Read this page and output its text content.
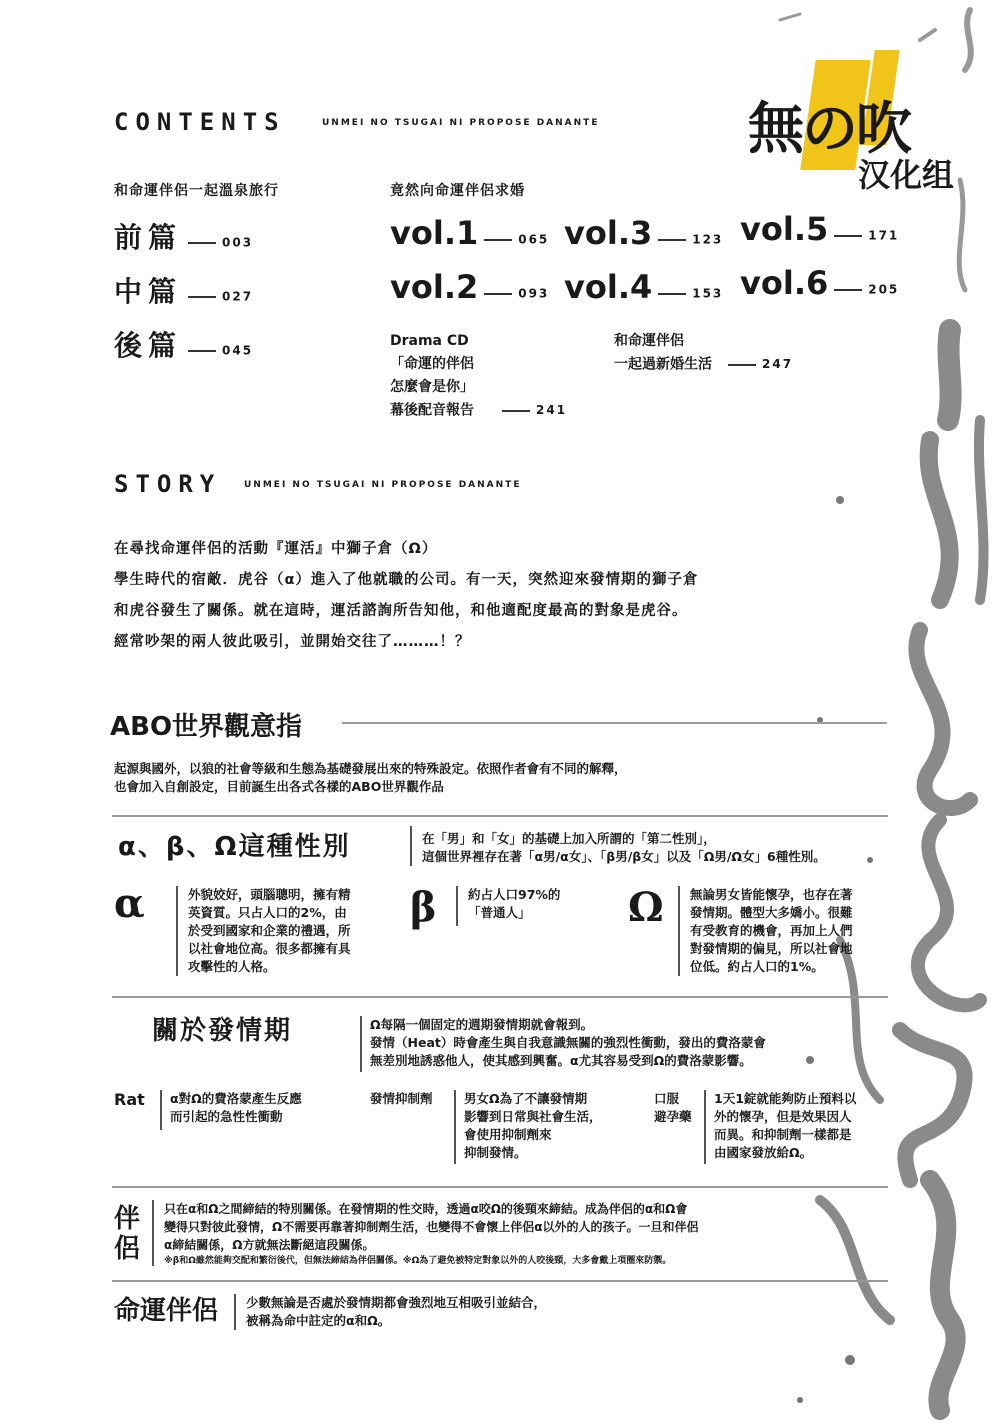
無の吹
汉化组
CONTENTS	UNMEI NO TSUGAI NI PROPOSE DANANTE
和命運伴侶一起溫泉旅行	竟然向命運伴侶求婚
前篇	003
中篇	027
後篇	045
vol.1	065 vol.3	123 vol.5	171
vol.2	093 vol.4	153 vol.6	205
Drama CD
「命運的伴侶
怎麼會是你」
幕後配音報告	241
和命運伴侶
一起過新婚生活	247
STORY	UNMEI NO TSUGAI NI PROPOSE DANANTE
在尋找命運伴侶的活動『運活』中獅子倉（Ω）
學生時代的宿敵．虎谷（α）進入了他就職的公司。有一天，突然迎來發情期的獅子倉
和虎谷發生了關係。就在這時，運活諮詢所告知他，和他適配度最高的對象是虎谷。
經常吵架的兩人彼此吸引，並開始交往了………！？
ABO世界觀意指
起源與國外，以狼的社會等級和生態為基礎發展出來的特殊設定。依照作者會有不同的解釋，
也會加入自創設定，目前誕生出各式各樣的ABO世界觀作品
α、β、Ω這種性別	在「男」和「女」的基礎上加入所謂的「第二性別」，
這個世界裡存在著「α男/α女」、「β男/β女」以及「Ω男/Ω女」6種性別。
α	外貌姣好，頭腦聰明，擁有精
英資質。只占人口的2%，由
於受到國家和企業的禮遇，所
以社會地位高。很多都擁有具
攻擊性的人格。
β	約占人口97%的
「普通人」	Ω 無論男女皆能懷孕，也存在著
發情期。體型大多嬌小。很難
有受教育的機會，再加上人們
對發情期的偏見，所以社會地
位低。約占人口的1%。
關於發情期	Ω每隔一個固定的週期發情期就會報到。
發情（Heat）時會產生與自我意識無關的強烈性衝動，發出的費洛蒙會
無差別地誘惑他人，使其感到興奮。α尤其容易受到Ω的費洛蒙影響。
Rat α對Ω的費洛蒙產生反應
而引起的急性性衝動
發情抑制劑	男女Ω為了不讓發情期
影響到日常與社會生活，
會使用抑制劑來
抑制發情。
口服
避孕藥
1天1錠就能夠防止預料以
外的懷孕，但是效果因人
而異。和抑制劑一樣都是
由國家發放給Ω。
伴
侶
只在α和Ω之間締結的特別關係。在發情期的性交時，透過α咬Ω的後頸來締結。成為伴侶的α和Ω會
變得只對彼此發情，Ω不需要再靠著抑制劑生活，也變得不會懷上伴侶α以外的人的孩子。一旦和伴侶
α締結關係，Ω方就無法斷絕這段關係。
※β和Ω雖然能夠交配和繁衍後代，但無法締結為伴侶關係。※Ω為了避免被特定對象以外的人咬後頸，大多會戴上項圈來防禦。
命運伴侶 少數無論是否處於發情期都會強烈地互相吸引並結合，
被稱為命中註定的α和Ω。
